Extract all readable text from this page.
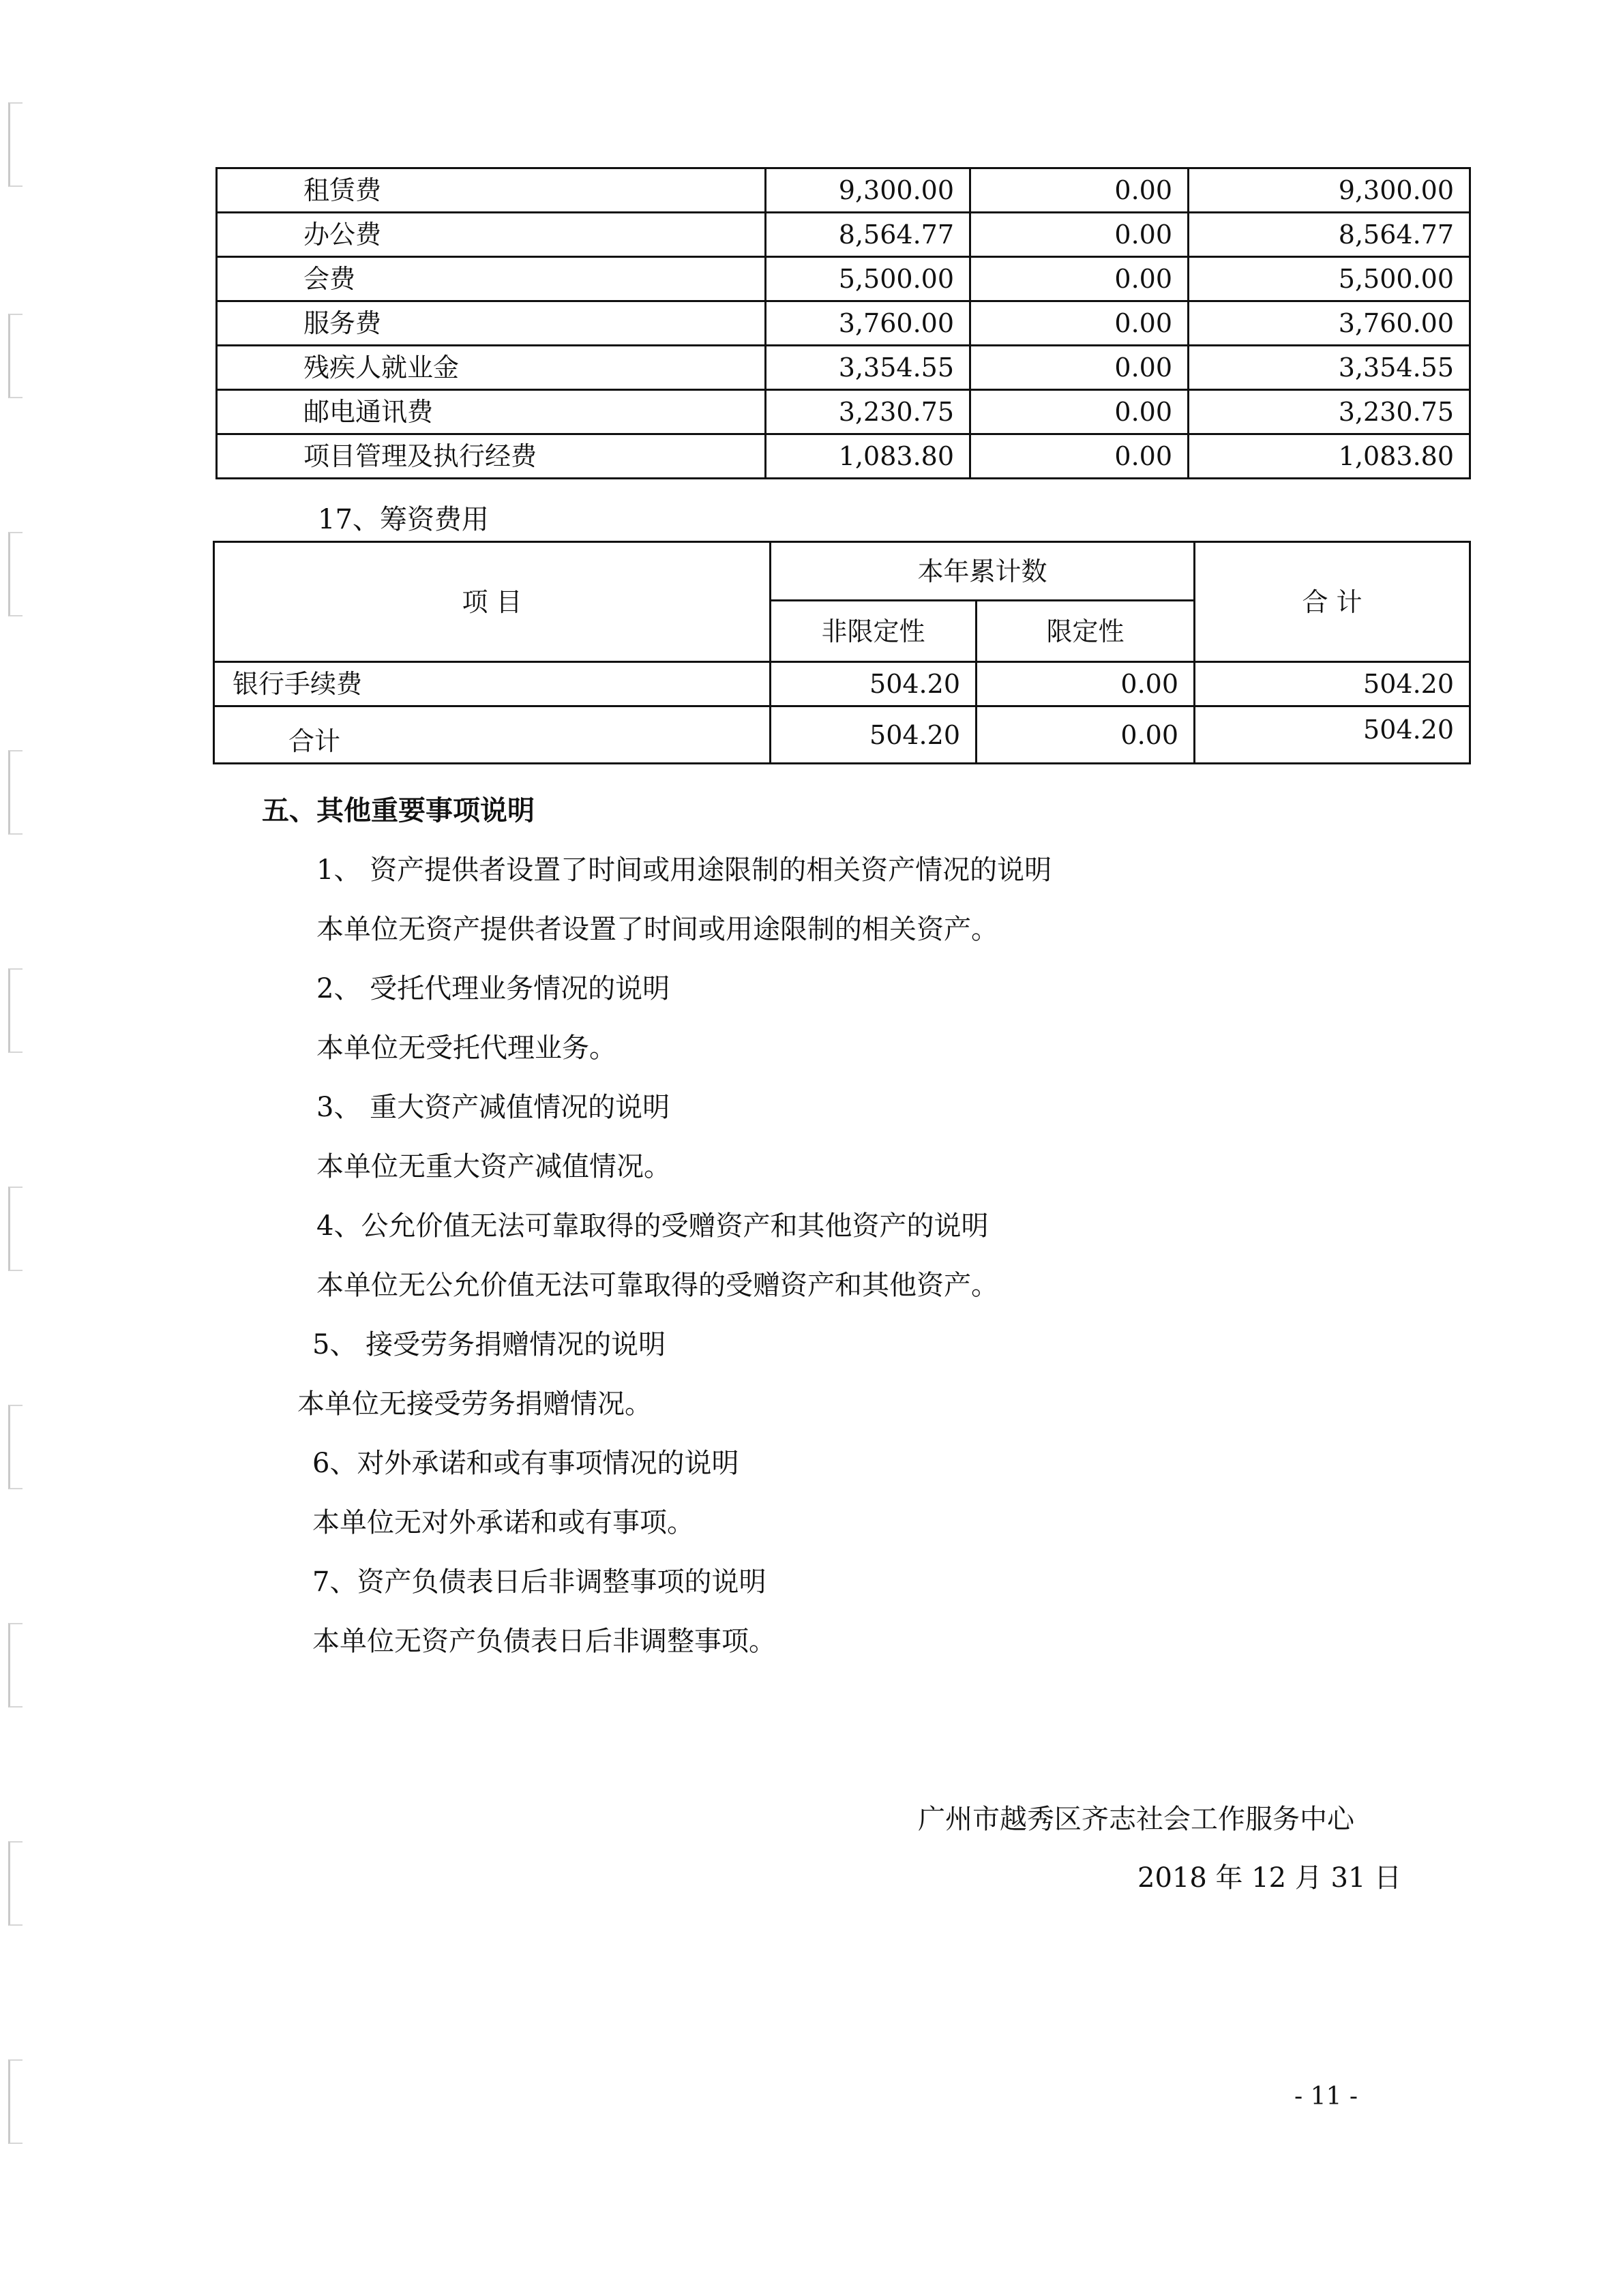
租赁费	9,300.00	0.00	9,300.00
办公费	8,564.77	0.00	8,564.77
会费	5,500.00	0.00	5,500.00
服务费	3,760.00	0.00	3,760.00
残疾人就业金	3,354.55	0.00	3,354.55
邮电通讯费	3,230.75	0.00	3,230.75
项目管理及执行经费	1,083.80	0.00	1,083.80
17、筹资费用
项 目	本年累计数		合 计
	非限定性	限定性	
银行手续费	504.20	0.00	504.20
合计	504.20	0.00	504.20
五、其他重要事项说明
1、 资产提供者设置了时间或用途限制的相关资产情况的说明
本单位无资产提供者设置了时间或用途限制的相关资产。
2、 受托代理业务情况的说明
本单位无受托代理业务。
3、 重大资产减值情况的说明
本单位无重大资产减值情况。
4、公允价值无法可靠取得的受赠资产和其他资产的说明
本单位无公允价值无法可靠取得的受赠资产和其他资产。
5、 接受劳务捐赠情况的说明
本单位无接受劳务捐赠情况。
6、对外承诺和或有事项情况的说明
本单位无对外承诺和或有事项。
7、资产负债表日后非调整事项的说明
本单位无资产负债表日后非调整事项。
广州市越秀区齐志社会工作服务中心
2018 年 12 月 31 日
- 11 -
